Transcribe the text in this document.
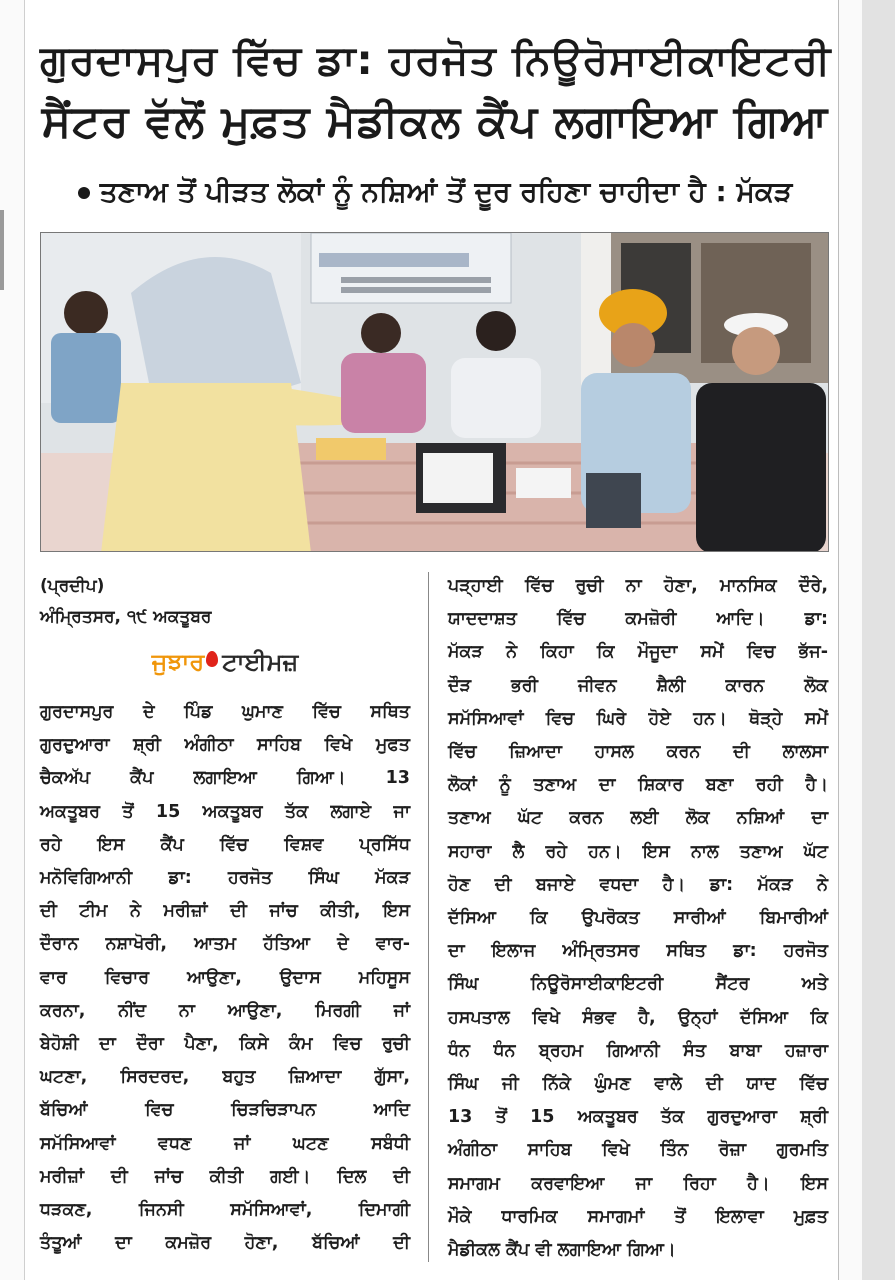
ਗੁਰਦਾਸਪੁਰ ਵਿੱਚ ਡਾ: ਹਰਜੋਤ ਨਿਊਰੋਸਾਈਕਾਇਟਰੀ
ਸੈਂਟਰ ਵੱਲੋਂ ਮੁਫ਼ਤ ਮੈਡੀਕਲ ਕੈਂਪ ਲਗਾਇਆ ਗਿਆ
ਤਣਾਅ ਤੋਂ ਪੀੜਤ ਲੋਕਾਂ ਨੂੰ ਨਸ਼ਿਆਂ ਤੋਂ ਦੂਰ ਰਹਿਣਾ ਚਾਹੀਦਾ ਹੈ : ਮੱਕੜ
(ਪ੍ਰਦੀਪ)
ਅੰਮ੍ਰਿਤਸਰ, ੧੯ ਅਕਤੂਬਰ
ਜੁਝਾਰ ਟਾਈਮਜ਼
ਗੁਰਦਾਸਪੁਰ ਦੇ ਪਿੰਡ ਘੁਮਾਣ ਵਿੱਚ ਸਥਿਤ
ਗੁਰਦੁਆਰਾ ਸ਼੍ਰੀ ਅੰਗੀਠਾ ਸਾਹਿਬ ਵਿਖੇ ਮੁਫਤ
ਚੈਕਅੱਪ ਕੈਂਪ ਲਗਾਇਆ ਗਿਆ। 13
ਅਕਤੂਬਰ ਤੋਂ 15 ਅਕਤੂਬਰ ਤੱਕ ਲਗਾਏ ਜਾ
ਰਹੇ ਇਸ ਕੈਂਪ ਵਿੱਚ ਵਿਸ਼ਵ ਪ੍ਰਸਿੱਧ
ਮਨੋਵਿਗਿਆਨੀ ਡਾ: ਹਰਜੋਤ ਸਿੰਘ ਮੱਕੜ
ਦੀ ਟੀਮ ਨੇ ਮਰੀਜ਼ਾਂ ਦੀ ਜਾਂਚ ਕੀਤੀ, ਇਸ
ਦੌਰਾਨ ਨਸ਼ਾਖੋਰੀ, ਆਤਮ ਹੱਤਿਆ ਦੇ ਵਾਰ-
ਵਾਰ ਵਿਚਾਰ ਆਉਣਾ, ਉਦਾਸ ਮਹਿਸੂਸ
ਕਰਨਾ, ਨੀਂਦ ਨਾ ਆਉਣਾ, ਮਿਰਗੀ ਜਾਂ
ਬੇਹੋਸ਼ੀ ਦਾ ਦੌਰਾ ਪੈਣਾ, ਕਿਸੇ ਕੰਮ ਵਿਚ ਰੁਚੀ
ਘਟਣਾ, ਸਿਰਦਰਦ, ਬਹੁਤ ਜ਼ਿਆਦਾ ਗੁੱਸਾ,
ਬੱਚਿਆਂ ਵਿਚ ਚਿੜਚਿੜਾਪਨ ਆਦਿ
ਸਮੱਸਿਆਵਾਂ ਵਧਣ ਜਾਂ ਘਟਣ ਸਬੰਧੀ
ਮਰੀਜ਼ਾਂ ਦੀ ਜਾਂਚ ਕੀਤੀ ਗਈ। ਦਿਲ ਦੀ
ਧੜਕਣ, ਜਿਨਸੀ ਸਮੱਸਿਆਵਾਂ, ਦਿਮਾਗੀ
ਤੰਤੂਆਂ ਦਾ ਕਮਜ਼ੋਰ ਹੋਣਾ, ਬੱਚਿਆਂ ਦੀ
ਪੜ੍ਹਾਈ ਵਿੱਚ ਰੁਚੀ ਨਾ ਹੋਣਾ, ਮਾਨਸਿਕ ਦੌਰੇ,
ਯਾਦਦਾਸ਼ਤ ਵਿੱਚ ਕਮਜ਼ੋਰੀ ਆਦਿ। ਡਾ:
ਮੱਕੜ ਨੇ ਕਿਹਾ ਕਿ ਮੌਜੂਦਾ ਸਮੇਂ ਵਿਚ ਭੱਜ-
ਦੌੜ ਭਰੀ ਜੀਵਨ ਸ਼ੈਲੀ ਕਾਰਨ ਲੋਕ
ਸਮੱਸਿਆਵਾਂ ਵਿਚ ਘਿਰੇ ਹੋਏ ਹਨ। ਥੋੜ੍ਹੇ ਸਮੇਂ
ਵਿੱਚ ਜ਼ਿਆਦਾ ਹਾਸਲ ਕਰਨ ਦੀ ਲਾਲਸਾ
ਲੋਕਾਂ ਨੂੰ ਤਣਾਅ ਦਾ ਸ਼ਿਕਾਰ ਬਣਾ ਰਹੀ ਹੈ।
ਤਣਾਅ ਘੱਟ ਕਰਨ ਲਈ ਲੋਕ ਨਸ਼ਿਆਂ ਦਾ
ਸਹਾਰਾ ਲੈ ਰਹੇ ਹਨ। ਇਸ ਨਾਲ ਤਣਾਅ ਘੱਟ
ਹੋਣ ਦੀ ਬਜਾਏ ਵਧਦਾ ਹੈ। ਡਾ: ਮੱਕੜ ਨੇ
ਦੱਸਿਆ ਕਿ ਉਪਰੋਕਤ ਸਾਰੀਆਂ ਬਿਮਾਰੀਆਂ
ਦਾ ਇਲਾਜ ਅੰਮ੍ਰਿਤਸਰ ਸਥਿਤ ਡਾ: ਹਰਜੋਤ
ਸਿੰਘ ਨਿਊਰੋਸਾਈਕਾਇਟਰੀ ਸੈਂਟਰ ਅਤੇ
ਹਸਪਤਾਲ ਵਿਖੇ ਸੰਭਵ ਹੈ, ਉਨ੍ਹਾਂ ਦੱਸਿਆ ਕਿ
ਧੰਨ ਧੰਨ ਬ੍ਰਹਮ ਗਿਆਨੀ ਸੰਤ ਬਾਬਾ ਹਜ਼ਾਰਾ
ਸਿੰਘ ਜੀ ਨਿੱਕੇ ਘੁੰਮਣ ਵਾਲੇ ਦੀ ਯਾਦ ਵਿੱਚ
13 ਤੋਂ 15 ਅਕਤੂਬਰ ਤੱਕ ਗੁਰਦੁਆਰਾ ਸ਼੍ਰੀ
ਅੰਗੀਠਾ ਸਾਹਿਬ ਵਿਖੇ ਤਿੰਨ ਰੋਜ਼ਾ ਗੁਰਮਤਿ
ਸਮਾਗਮ ਕਰਵਾਇਆ ਜਾ ਰਿਹਾ ਹੈ। ਇਸ
ਮੌਕੇ ਧਾਰਮਿਕ ਸਮਾਗਮਾਂ ਤੋਂ ਇਲਾਵਾ ਮੁਫ਼ਤ
ਮੈਡੀਕਲ ਕੈਂਪ ਵੀ ਲਗਾਇਆ ਗਿਆ।
